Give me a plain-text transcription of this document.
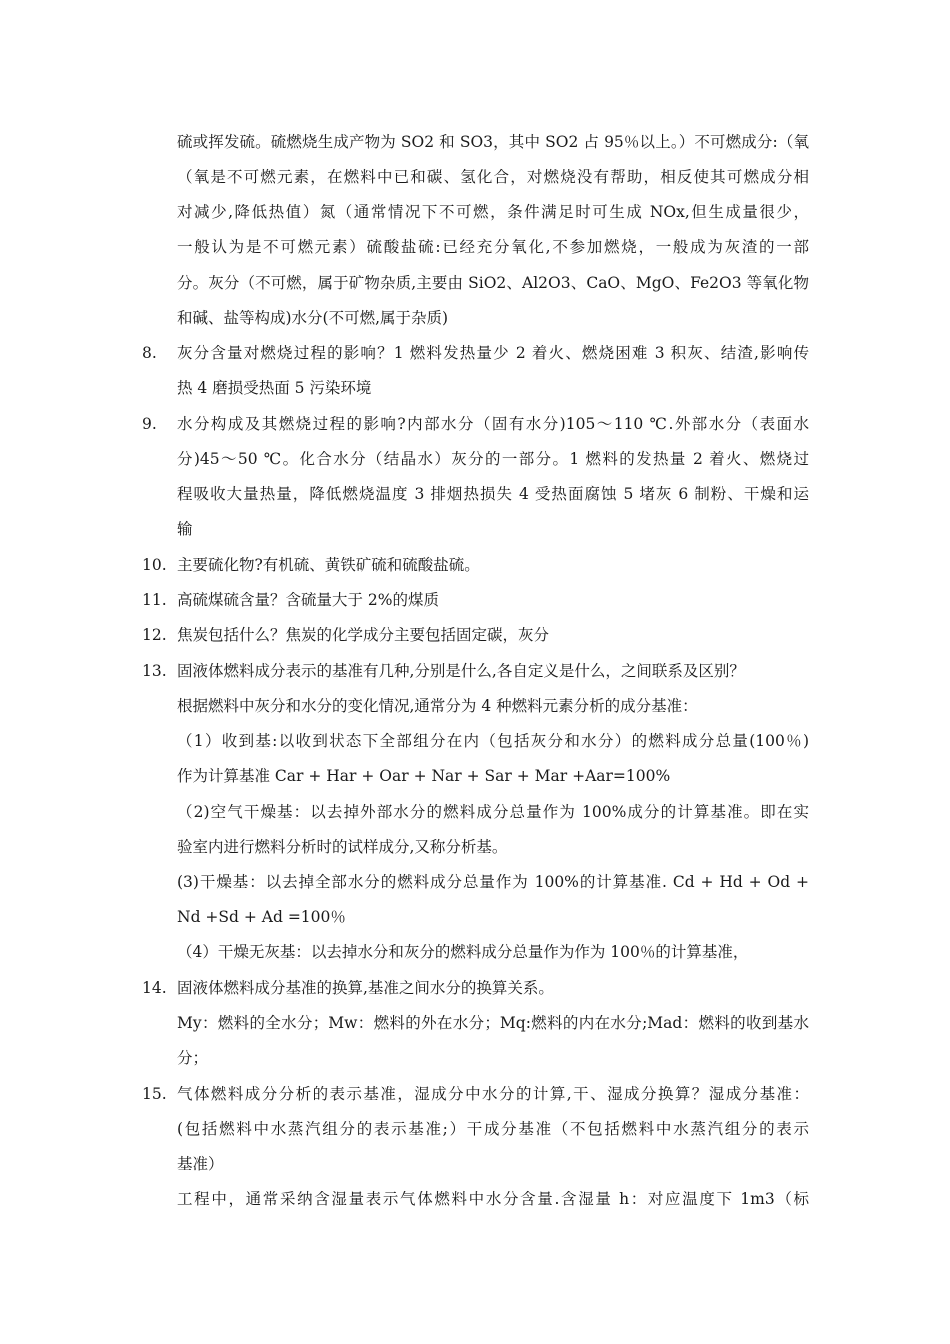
硫或挥发硫。硫燃烧生成产物为 SO2 和 SO3，其中 SO2 占 95％以上。）不可燃成分:（氧
（氧是不可燃元素，在燃料中已和碳、氢化合，对燃烧没有帮助，相反使其可燃成分相
对减少,降低热值）氮（通常情况下不可燃，条件满足时可生成 NOx,但生成量很少，
一般认为是不可燃元素）硫酸盐硫:已经充分氧化,不参加燃烧，一般成为灰渣的一部
分。灰分（不可燃，属于矿物杂质,主要由 SiO2、Al2O3、CaO、MgO、Fe2O3 等氧化物
和碱、盐等构成)水分(不可燃,属于杂质)
8.	灰分含量对燃烧过程的影响？1 燃料发热量少 2 着火、燃烧困难 3 积灰、结渣,影响传
热 4 磨损受热面 5 污染环境
9.	水分构成及其燃烧过程的影响?内部水分（固有水分)105～110 ℃.外部水分（表面水
分)45～50 ℃。化合水分（结晶水）灰分的一部分。1 燃料的发热量 2 着火、燃烧过
程吸收大量热量，降低燃烧温度 3 排烟热损失 4 受热面腐蚀 5 堵灰 6 制粉、干燥和运
输
10. 主要硫化物?有机硫、黄铁矿硫和硫酸盐硫。
11. 高硫煤硫含量？含硫量大于 2%的煤质
12. 焦炭包括什么？焦炭的化学成分主要包括固定碳，灰分
13. 固液体燃料成分表示的基准有几种,分别是什么,各自定义是什么，之间联系及区别？
根据燃料中灰分和水分的变化情况,通常分为 4 种燃料元素分析的成分基准：
（1）收到基:以收到状态下全部组分在内（包括灰分和水分）的燃料成分总量(100％)
作为计算基准 Car + Har + Oar + Nar + Sar + Mar +Aar=100%
（2)空气干燥基：以去掉外部水分的燃料成分总量作为 100%成分的计算基准。即在实
验室内进行燃料分析时的试样成分,又称分析基。
(3)干燥基：以去掉全部水分的燃料成分总量作为 100%的计算基准. Cd + Hd + Od +
Nd +Sd + Ad =100％
（4）干燥无灰基：以去掉水分和灰分的燃料成分总量作为作为 100％的计算基准，
14. 固液体燃料成分基准的换算,基准之间水分的换算关系。
My：燃料的全水分；Mw：燃料的外在水分；Mq:燃料的内在水分;Mad：燃料的收到基水
分；
15. 气体燃料成分分析的表示基准，湿成分中水分的计算,干、湿成分换算？湿成分基准：
(包括燃料中水蒸汽组分的表示基准;）干成分基准（不包括燃料中水蒸汽组分的表示
基准）
工程中，通常采纳含湿量表示气体燃料中水分含量.含湿量 h：对应温度下 1m3（标
